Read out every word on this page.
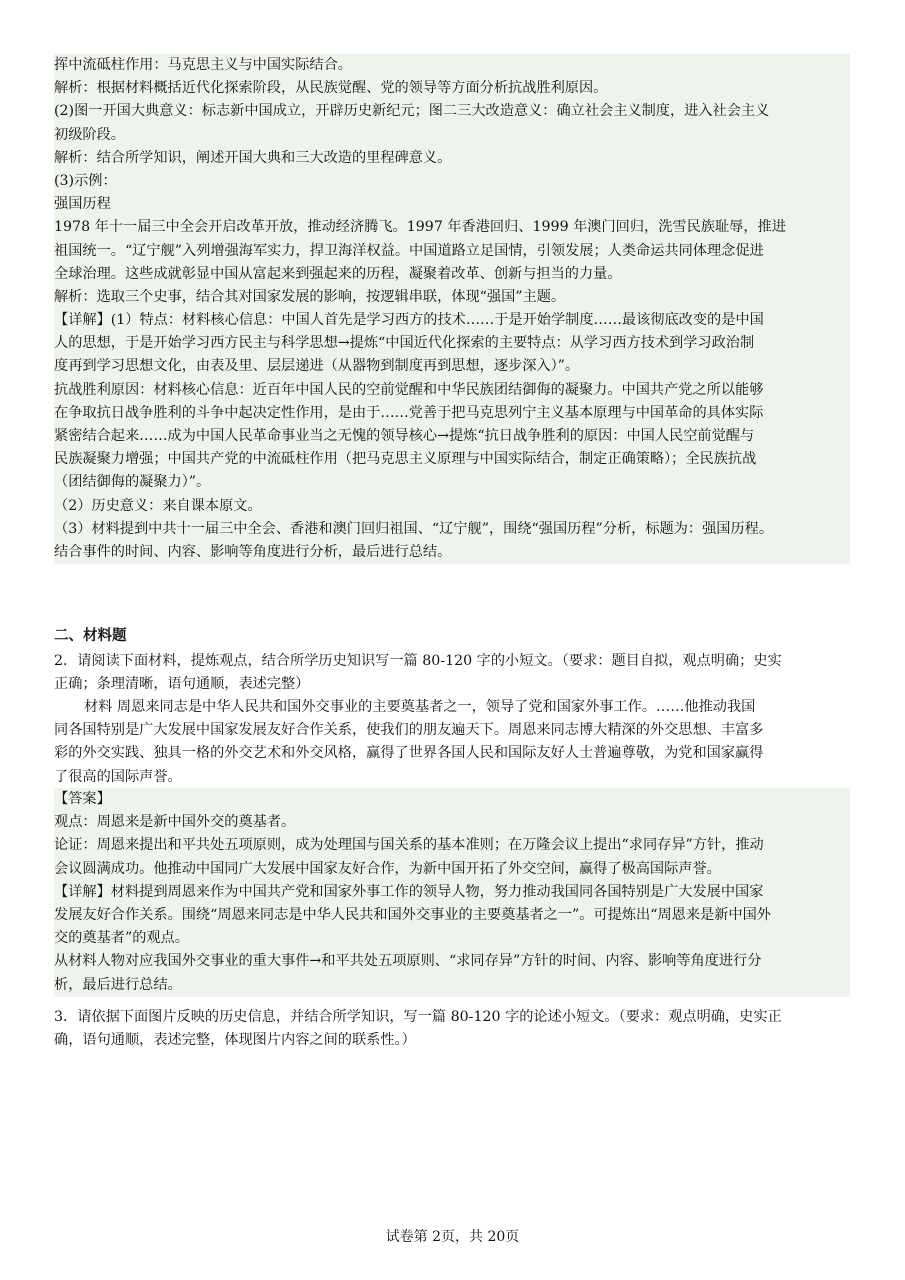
挥中流砥柱作用：马克思主义与中国实际结合。
解析：根据材料概括近代化探索阶段，从民族觉醒、党的领导等方面分析抗战胜利原因。
(2)图一开国大典意义：标志新中国成立，开辟历史新纪元；图二三大改造意义：确立社会主义制度，进入社会主义
初级阶段。
解析：结合所学知识，阐述开国大典和三大改造的里程碑意义。
(3)示例：
强国历程
1978 年十一届三中全会开启改革开放，推动经济腾飞。1997 年香港回归、1999 年澳门回归，洗雪民族耻辱，推进
祖国统一。“辽宁舰”入列增强海军实力，捍卫海洋权益。中国道路立足国情，引领发展；人类命运共同体理念促进
全球治理。这些成就彰显中国从富起来到强起来的历程，凝聚着改革、创新与担当的力量。
解析：选取三个史事，结合其对国家发展的影响，按逻辑串联，体现“强国”主题。
【详解】(1）特点：材料核心信息：中国人首先是学习西方的技术……于是开始学制度……最该彻底改变的是中国
人的思想，于是开始学习西方民主与科学思想→提炼“中国近代化探索的主要特点：从学习西方技术到学习政治制
度再到学习思想文化，由表及里、层层递进（从器物到制度再到思想，逐步深入）”。
抗战胜利原因：材料核心信息：近百年中国人民的空前觉醒和中华民族团结御侮的凝聚力。中国共产党之所以能够
在争取抗日战争胜利的斗争中起决定性作用，是由于……党善于把马克思列宁主义基本原理与中国革命的具体实际
紧密结合起来……成为中国人民革命事业当之无愧的领导核心→提炼“抗日战争胜利的原因：中国人民空前觉醒与
民族凝聚力增强；中国共产党的中流砥柱作用（把马克思主义原理与中国实际结合，制定正确策略）；全民族抗战
（团结御侮的凝聚力）”。
（2）历史意义：来自课本原文。
（3）材料提到中共十一届三中全会、香港和澳门回归祖国、“辽宁舰”，围绕“强国历程”分析，标题为：强国历程。
结合事件的时间、内容、影响等角度进行分析，最后进行总结。
二、材料题
2．请阅读下面材料，提炼观点，结合所学历史知识写一篇 80-120 字的小短文。（要求：题目自拟，观点明确；史实
正确；条理清晰，语句通顺，表述完整）
材料 周恩来同志是中华人民共和国外交事业的主要奠基者之一，领导了党和国家外事工作。……他推动我国
同各国特别是广大发展中国家发展友好合作关系，使我们的朋友遍天下。周恩来同志博大精深的外交思想、丰富多
彩的外交实践、独具一格的外交艺术和外交风格，赢得了世界各国人民和国际友好人士普遍尊敬，为党和国家赢得
了很高的国际声誉。
【答案】
观点：周恩来是新中国外交的奠基者。
论证：周恩来提出和平共处五项原则，成为处理国与国关系的基本准则；在万隆会议上提出“求同存异”方针，推动
会议圆满成功。他推动中国同广大发展中国家友好合作，为新中国开拓了外交空间，赢得了极高国际声誉。
【详解】材料提到周恩来作为中国共产党和国家外事工作的领导人物，努力推动我国同各国特别是广大发展中国家
发展友好合作关系。围绕“周恩来同志是中华人民共和国外交事业的主要奠基者之一”。可提炼出“周恩来是新中国外
交的奠基者”的观点。
从材料人物对应我国外交事业的重大事件→和平共处五项原则、“求同存异”方针的时间、内容、影响等角度进行分
析，最后进行总结。
3．请依据下面图片反映的历史信息，并结合所学知识，写一篇 80-120 字的论述小短文。（要求：观点明确，史实正
确，语句通顺，表述完整，体现图片内容之间的联系性。）
试卷第 2页，共 20页
